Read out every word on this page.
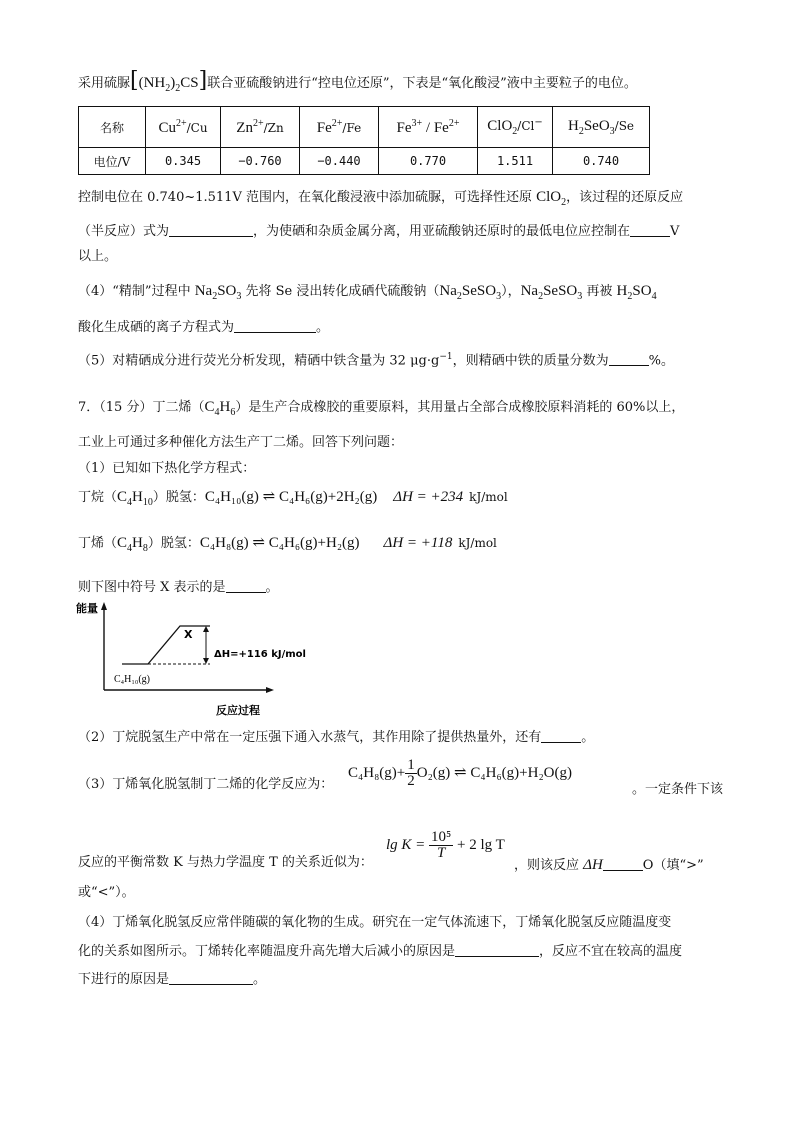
采用硫脲$[(NH_2)_2CS]$联合亚硫酸钠进行“控电位还原”，下表是“氧化酸浸”液中主要粒子的电位。
名称	$Cu^{2+}/Cu$	$Zn^{2+}/Zn$	$Fe^{2+}/Fe$	$Fe^{3+} / Fe^{2+}$	ClO$_2$/Cl−	$H_2SeO_3/Se$
电位/V	0.345	−0.760	−0.440	0.770	1.511	0.740
控制电位在 0.740~1.511V 范围内，在氧化酸浸液中添加硫脲，可选择性还原 ClO$_2$，该过程的还原反应
（半反应）式为	，为使硒和杂质金属分离，用亚硫酸钠还原时的最低电位应控制在	V
以上。
（4）“精制”过程中 $Na_2SO_3$ 先将 Se 浸出转化成硒代硫酸钠$(Na_2SeSO_3)$，$Na_2SeSO_3$ 再被 $H_2SO_4$
酸化生成硒的离子方程式为	。
（5）对精硒成分进行荧光分析发现，精硒中铁含量为 32 $\mu g\cdot g^{-1}$，则精硒中铁的质量分数为	%。
7．（15 分）丁二烯$(C_4H_6)$是生产合成橡胶的重要原料，其用量占全部合成橡胶原料消耗的 60%以上，
工业上可通过多种催化方法生产丁二烯。回答下列问题：
（1）已知如下热化学方程式：
丁烷$(C_4H_{10})$脱氢：C₄H₁₀(g) ⇌ C₄H₆(g)+2H₂(g) ΔH = +234 kJ/mol
丁烯$(C_4H_8)$脱氢：C₄H₈(g) ⇌ C₄H₆(g)+H₂(g) ΔH = +118 kJ/mol
则下图中符号 X 表示的是	。
能量
X
ΔH=+116 kJ/mol
C₄H₁₀(g)
反应过程
（2）丁烷脱氢生产中常在一定压强下通入水蒸气，其作用除了提供热量外，还有	。
（3）丁烯氧化脱氢制丁二烯的化学反应为：
$C_4H_8(g)+ \frac{1}{2} O_2(g)$ ⇌ C₄H₆(g)+H₂O(g)
。一定条件下该
反应的平衡常数 K 与热力学温度 T 的关系近似为：
$\lg K = \frac{\text{10⁵}}{T} + 2$ lg T
，则该反应 ΔH	O（填“>”
或“<”）。
（4）丁烯氧化脱氢反应常伴随碳的氧化物的生成。研究在一定气体流速下，丁烯氧化脱氢反应随温度变
化的关系如图所示。丁烯转化率随温度升高先增大后减小的原因是	，反应不宜在较高的温度
下进行的原因是	。
